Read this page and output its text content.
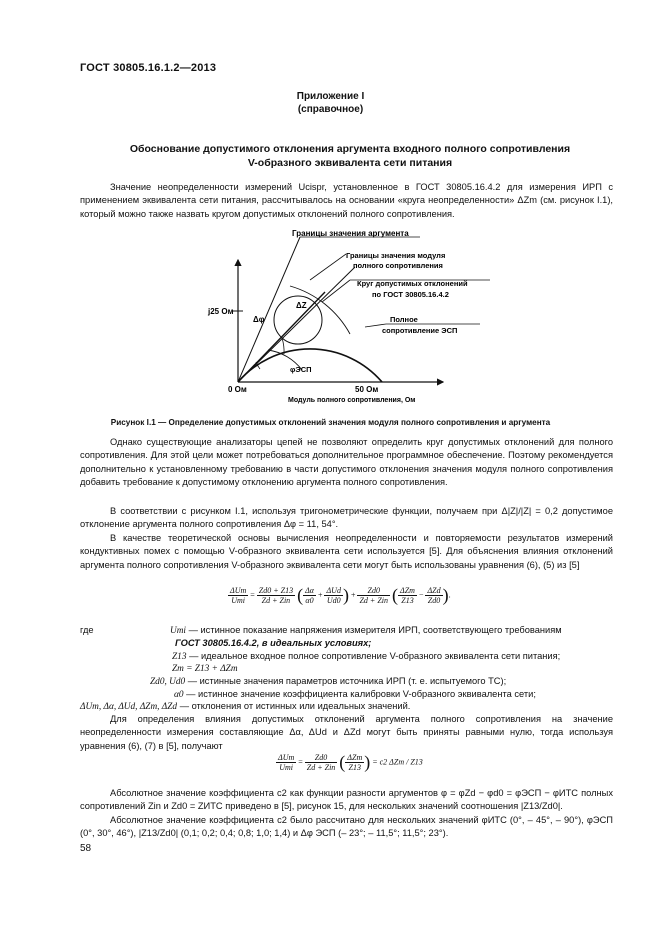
ГОСТ 30805.16.1.2—2013
Приложение I
(справочное)
Обоснование допустимого отклонения аргумента входного полного сопротивления
V-образного эквивалента сети питания
Значение неопределенности измерений Ucispr, установленное в ГОСТ 30805.16.4.2 для измерения ИРП с применением эквивалента сети питания, рассчитывалось на основании «круга неопределенности» ΔZm (см. рисунок I.1), который можно также назвать кругом допустимых отклонений полного сопротивления.
Границы значения аргумента
Границы значения модуля
полного сопротивления
Круг допустимых отклонений
по ГОСТ 30805.16.4.2
Полное
сопротивление ЭСП
j25 Ом
0 Ом	50 Ом
Модуль полного сопротивления, Ом
Δφ
ΔZ
φЭСП
Рисунок I.1 — Определение допустимых отклонений значения модуля полного сопротивления и аргумента
Однако существующие анализаторы цепей не позволяют определить круг допустимых отклонений для полного сопротивления. Для этой цели может потребоваться дополнительное программное обеспечение. Поэтому рекомендуется дополнительно к установленному требованию в части допустимого отклонения значения модуля полного сопротивления добавить требование к допустимому отклонению аргумента полного сопротивления.
В соответствии с рисунком I.1, используя тригонометрические функции, получаем при Δ|Z|/|Z| = 0,2 допустимое отклонение аргумента полного сопротивления Δφ = 11, 54°.
В качестве теоретической основы вычисления неопределенности и повторяемости результатов измерений кондуктивных помех с помощью V-образного эквивалента сети используется [5]. Для объяснения влияния отклонений аргумента полного сопротивления V-образного эквивалента сети могут быть использованы уравнения (6), (5) из [5]
$\frac{\text{ΔUm}}{\text{Umi}} = \frac{Zd0 + Z13}{\text{Zd + Zin}}$ ( $\frac{\Delta\alpha}{\alpha 0} + \frac{\text{ΔUd}}{Ud0}$ ) + $\frac{Zd0}{\text{Zd + Zin}}$ ( $\frac{\text{ΔZm}}{Z13} - \frac{\text{ΔZd}}{Zd0}$ ).
где	Umi — истинное показание напряжения измерителя ИРП, соответствующего требованиям
ГОСТ 30805.16.4.2, в идеальных условиях;
Z13 — идеальное входное полное сопротивление V-образного эквивалента сети питания;
Zm = Z13 + ΔZm
Zd0, Ud0 — истинные значения параметров источника ИРП (т. е. испытуемого ТС);
α0 — истинное значение коэффициента калибровки V-образного эквивалента сети;
ΔUm, Δα, ΔUd, ΔZm, ΔZd — отклонения от истинных или идеальных значений.
Для определения влияния допустимых отклонений аргумента полного сопротивления на значение неопределенности измерения составляющие Δα, ΔUd и ΔZd могут быть приняты равными нулю, тогда используя уравнения (6), (7) в [5], получают
$\frac{\text{ΔUm}}{\text{Umi}} = \frac{Zd0}{\text{Zd + Zin}}$ ( $\frac{\text{ΔZm}}{Z13}$ ) = c2 ΔZm / Z13
Абсолютное значение коэффициента c2 как функции разности аргументов φ = φZd − φd0 = φЭСП − φИТС полных сопротивлений Zin и Zd0 = ZИТС приведено в [5], рисунок 15, для нескольких значений соотношения |Z13/Zd0|.
Абсолютное значение коэффициента c2 было рассчитано для нескольких значений φИТС (0°, – 45°, – 90°), φЭСП (0°, 30°, 46°), |Z13/Zd0| (0,1; 0,2; 0,4; 0,8; 1,0; 1,4) и Δφ ЭСП (– 23°; – 11,5°; 11,5°; 23°).
58
